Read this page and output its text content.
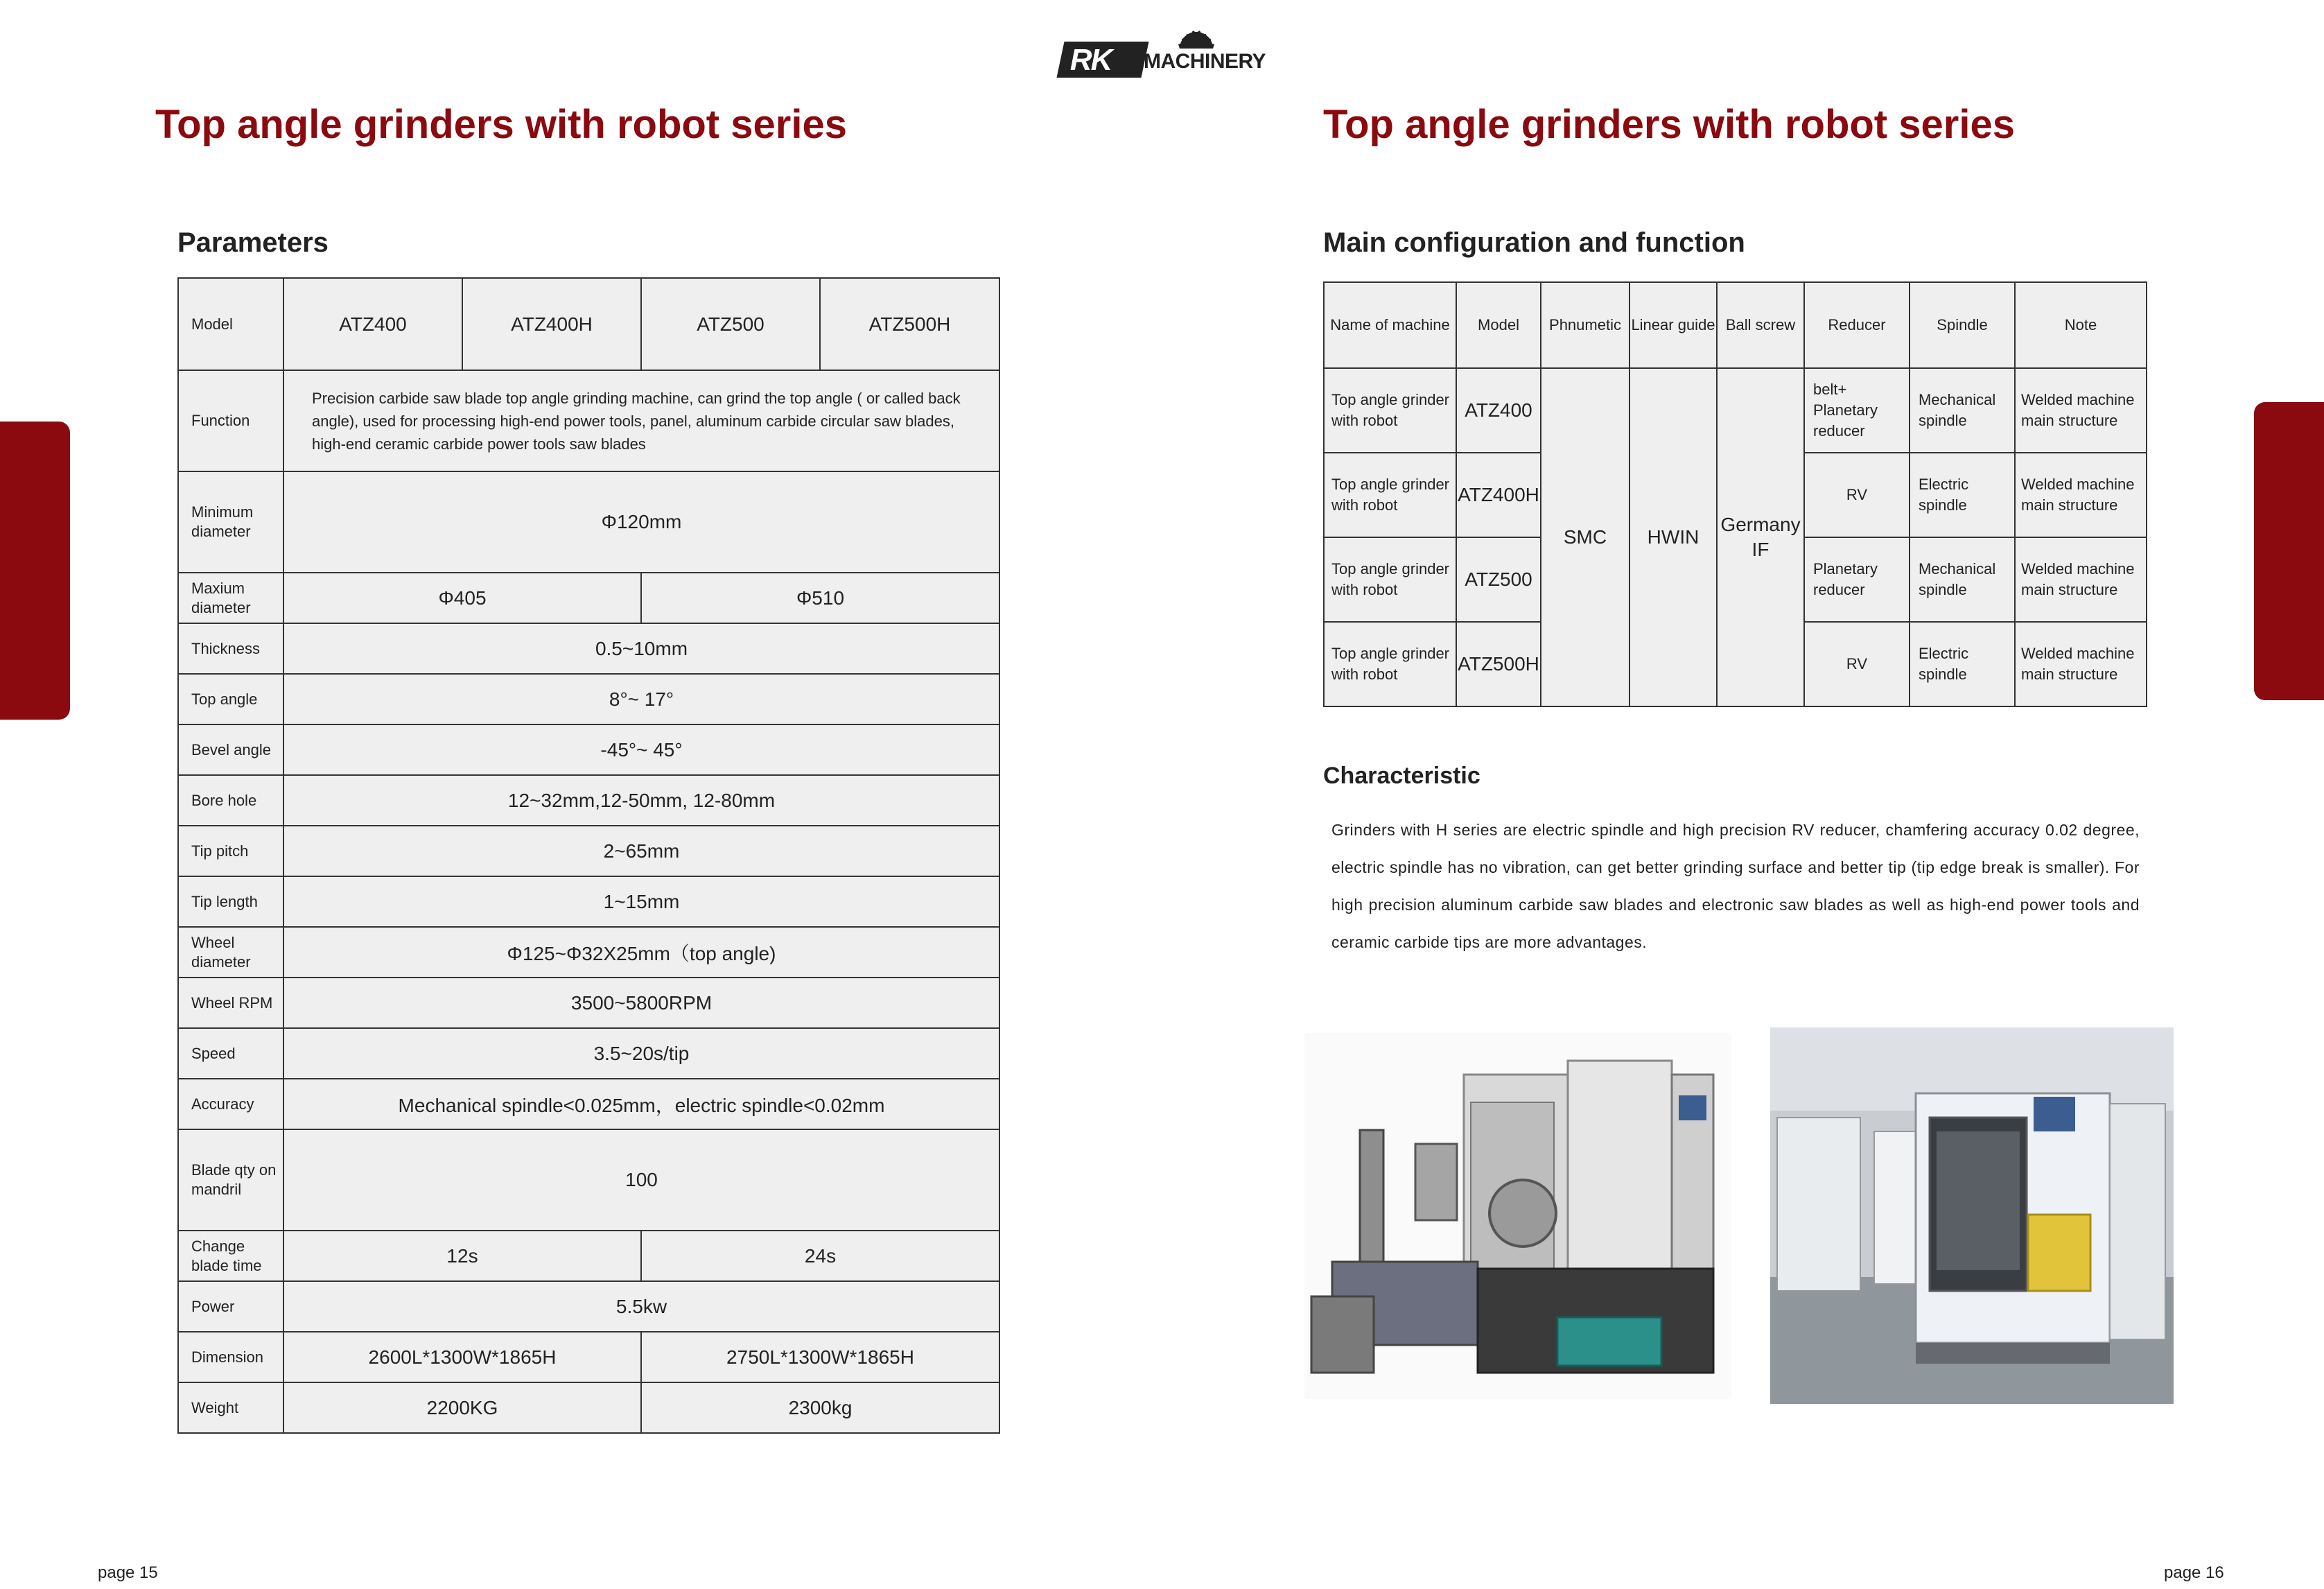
RK MACHINERY
Top angle grinders with robot series
Parameters
Model	ATZ400	ATZ400H	ATZ500	ATZ500H
Function	Precision carbide saw blade top angle grinding machine, can grind the top angle ( or called back angle), used for processing high-end power tools, panel, aluminum carbide circular saw blades, high-end ceramic carbide power tools saw blades			
Minimum diameter	Φ120mm			
Maxium diameter	Φ405		Φ510	
Thickness	0.5~10mm			
Top angle	8°~ 17°			
Bevel angle	-45°~ 45°			
Bore hole	12~32mm,12-50mm, 12-80mm			
Tip pitch	2~65mm			
Tip length	1~15mm			
Wheel diameter	Φ125~Φ32X25mm（top angle)			
Wheel RPM	3500~5800RPM			
Speed	3.5~20s/tip			
Accuracy	Mechanical spindle<0.025mm，electric spindle<0.02mm			
Blade qty on mandril	100			
Change blade time	12s		24s	
Power	5.5kw			
Dimension	2600L*1300W*1865H		2750L*1300W*1865H	
Weight	2200KG		2300kg	
page 15
Top angle grinders with robot series
Main configuration and function
Name of machine	Model	Phnumetic	Linear guide	Ball screw	Reducer	Spindle	Note
Top angle grinder with robot	ATZ400	SMC	HWIN	Germany IF	belt+ Planetary reducer	Mechanical spindle	Welded machine main structure
Top angle grinder with robot	ATZ400H				RV	Electric spindle	Welded machine main structure
Top angle grinder with robot	ATZ500				Planetary reducer	Mechanical spindle	Welded machine main structure
Top angle grinder with robot	ATZ500H				RV	Electric spindle	Welded machine main structure
Characteristic
Grinders with H series are electric spindle and high precision RV reducer, chamfering accuracy 0.02 degree, electric spindle has no vibration, can get better grinding surface and better tip (tip edge break is smaller). For high precision aluminum carbide saw blades and electronic saw blades as well as high-end power tools and ceramic carbide tips are more advantages.
page 16
